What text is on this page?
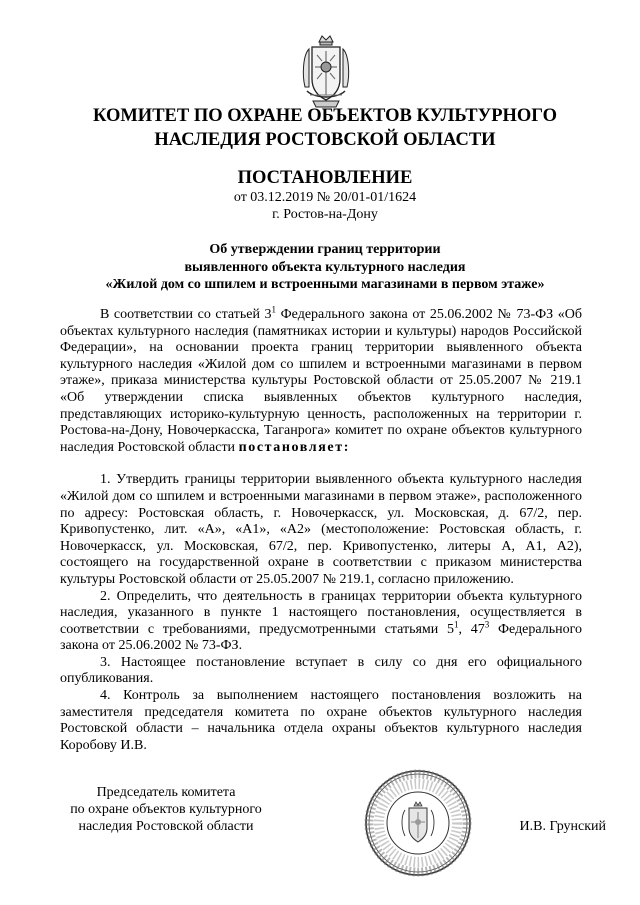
КОМИТЕТ ПО ОХРАНЕ ОБЪЕКТОВ КУЛЬТУРНОГО
НАСЛЕДИЯ РОСТОВСКОЙ ОБЛАСТИ
ПОСТАНОВЛЕНИЕ
от 03.12.2019 № 20/01-01/1624
г. Ростов-на-Дону
Об утверждении границ территории
выявленного объекта культурного наследия
«Жилой дом со шпилем и встроенными магазинами в первом этаже»

В соответствии со статьей $3^1$ Федерального закона от 25.06.2002 № 73-ФЗ «Об объектах культурного наследия (памятниках истории и культуры) народов Российской Федерации», на основании проекта границ территории выявленного объекта культурного наследия «Жилой дом со шпилем и встроенными магазинами в первом этаже», приказа министерства культуры Ростовской области от 25.05.2007 № 219.1 «Об утверждении списка выявленных объектов культурного наследия, представляющих историко-культурную ценность, расположенных на территории г. Ростова-на-Дону, Новочеркасска, Таганрога» комитет по охране объектов культурного наследия Ростовской области постановляет:

1. Утвердить границы территории выявленного объекта культурного наследия «Жилой дом со шпилем и встроенными магазинами в первом этаже», расположенного по адресу: Ростовская область, г. Новочеркасск, ул. Московская, д. 67/2, пер. Кривопустенко, лит. «А», «А1», «А2» (местоположение: Ростовская область, г. Новочеркасск, ул. Московская, 67/2, пер. Кривопустенко, литеры А, А1, А2), состоящего на государственной охране в соответствии с приказом министерства культуры Ростовской области от 25.05.2007 № 219.1, согласно приложению.

2. Определить, что деятельность в границах территории объекта культурного наследия, указанного в пункте 1 настоящего постановления, осуществляется в соответствии с требованиями, предусмотренными статьями $5^1$, $47^3$ Федерального закона от 25.06.2002 № 73-ФЗ.

3. Настоящее постановление вступает в силу со дня его официального опубликования.

4. Контроль за выполнением настоящего постановления возложить на заместителя председателя комитета по охране объектов культурного наследия Ростовской области – начальника отдела охраны объектов культурного наследия Коробову И.В.

Председатель комитета
по охране объектов культурного
наследия Ростовской области	И.В. Грунский
